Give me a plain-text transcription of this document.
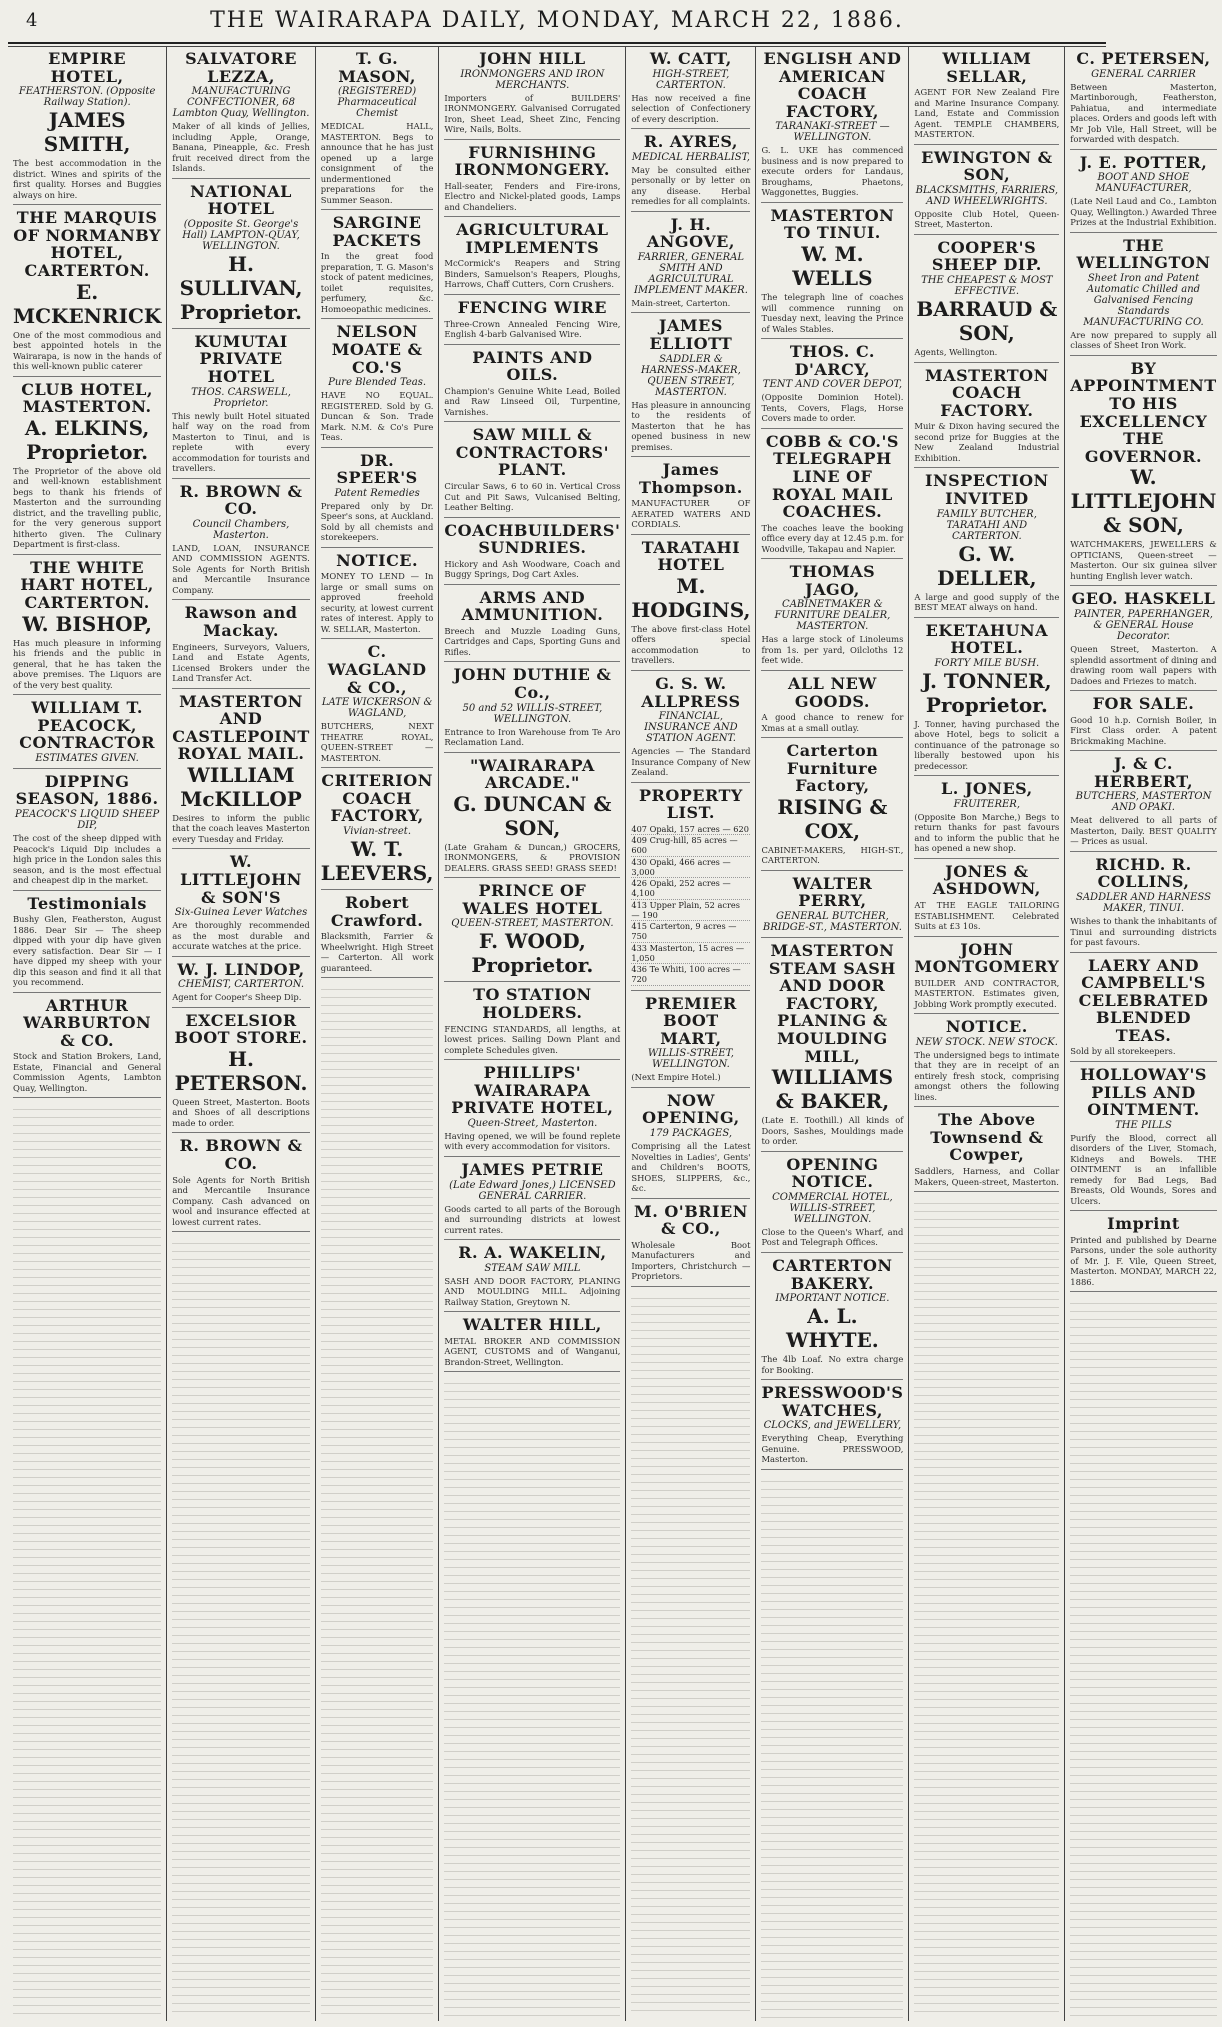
4	THE WAIRARAPA DAILY, MONDAY, MARCH 22, 1886.
EMPIRE HOTEL,
FEATHERSTON. (Opposite Railway Station).
JAMES SMITH,

The best accommodation in the district. Wines and spirits of the first quality. Horses and Buggies always on hire.

THE MARQUIS OF NORMANBY HOTEL, CARTERTON.
E. MCKENRICK

One of the most commodious and best appointed hotels in the Wairarapa, is now in the hands of this well-known public caterer

CLUB HOTEL, MASTERTON.
A. ELKINS, Proprietor.

The Proprietor of the above old and well-known establishment begs to thank his friends of Masterton and the surrounding district, and the travelling public, for the very generous support hitherto given. The Culinary Department is first-class.

THE WHITE HART HOTEL, CARTERTON.
W. BISHOP,

Has much pleasure in informing his friends and the public in general, that he has taken the above premises. The Liquors are of the very best quality.

WILLIAM T. PEACOCK, CONTRACTOR
ESTIMATES GIVEN.
DIPPING SEASON, 1886.
PEACOCK'S LIQUID SHEEP DIP,

The cost of the sheep dipped with Peacock's Liquid Dip includes a high price in the London sales this season, and is the most effectual and cheapest dip in the market.

Testimonials

Bushy Glen, Featherston, August 1886. Dear Sir — The sheep dipped with your dip have given every satisfaction. Dear Sir — I have dipped my sheep with your dip this season and find it all that you recommend.

ARTHUR WARBURTON & CO.

Stock and Station Brokers, Land, Estate, Financial and General Commission Agents, Lambton Quay, Wellington.

SALVATORE LEZZA,
MANUFACTURING CONFECTIONER, 68 Lambton Quay, Wellington.

Maker of all kinds of Jellies, including Apple, Orange, Banana, Pineapple, &c. Fresh fruit received direct from the Islands.

NATIONAL HOTEL
(Opposite St. George's Hall) LAMPTON-QUAY, WELLINGTON.
H. SULLIVAN, Proprietor.
KUMUTAI PRIVATE HOTEL
THOS. CARSWELL, Proprietor.

This newly built Hotel situated half way on the road from Masterton to Tinui, and is replete with every accommodation for tourists and travellers.

R. BROWN & CO.
Council Chambers, Masterton.

LAND, LOAN, INSURANCE AND COMMISSION AGENTS. Sole Agents for North British and Mercantile Insurance Company.

Rawson and Mackay.

Engineers, Surveyors, Valuers, Land and Estate Agents, Licensed Brokers under the Land Transfer Act.

MASTERTON AND CASTLEPOINT ROYAL MAIL.
WILLIAM McKILLOP

Desires to inform the public that the coach leaves Masterton every Tuesday and Friday.

W. LITTLEJOHN & SON'S
Six-Guinea Lever Watches

Are thoroughly recommended as the most durable and accurate watches at the price.

W. J. LINDOP,
CHEMIST, CARTERTON.

Agent for Cooper's Sheep Dip.

EXCELSIOR BOOT STORE.
H. PETERSON.

Queen Street, Masterton. Boots and Shoes of all descriptions made to order.

R. BROWN & CO.

Sole Agents for North British and Mercantile Insurance Company. Cash advanced on wool and insurance effected at lowest current rates.

T. G. MASON,
(REGISTERED) Pharmaceutical Chemist

MEDICAL HALL, MASTERTON. Begs to announce that he has just opened up a large consignment of the undermentioned preparations for the Summer Season.

SARGINE PACKETS

In the great food preparation, T. G. Mason's stock of patent medicines, toilet requisites, perfumery, &c. Homoeopathic medicines.

NELSON MOATE & CO.'S
Pure Blended Teas.

HAVE NO EQUAL. REGISTERED. Sold by G. Duncan & Son. Trade Mark. N.M. & Co's Pure Teas.

DR. SPEER'S
Patent Remedies

Prepared only by Dr. Speer's sons, at Auckland. Sold by all chemists and storekeepers.

NOTICE.

MONEY TO LEND — In large or small sums on approved freehold security, at lowest current rates of interest. Apply to W. SELLAR, Masterton.

C. WAGLAND & CO.,
LATE WICKERSON & WAGLAND,

BUTCHERS, NEXT THEATRE ROYAL, QUEEN-STREET — MASTERTON.

CRITERION COACH FACTORY,
Vivian-street.
W. T. LEEVERS,
Robert Crawford.

Blacksmith, Farrier & Wheelwright. High Street — Carterton. All work guaranteed.

JOHN HILL
IRONMONGERS AND IRON MERCHANTS.

Importers of BUILDERS' IRONMONGERY. Galvanised Corrugated Iron, Sheet Lead, Sheet Zinc, Fencing Wire, Nails, Bolts.

FURNISHING IRONMONGERY.

Hall-seater, Fenders and Fire-irons, Electro and Nickel-plated goods, Lamps and Chandeliers.

AGRICULTURAL IMPLEMENTS

McCormick's Reapers and String Binders, Samuelson's Reapers, Ploughs, Harrows, Chaff Cutters, Corn Crushers.

FENCING WIRE

Three-Crown Annealed Fencing Wire, English 4-barb Galvanised Wire.

PAINTS AND OILS.

Champion's Genuine White Lead, Boiled and Raw Linseed Oil, Turpentine, Varnishes.

SAW MILL & CONTRACTORS' PLANT.

Circular Saws, 6 to 60 in. Vertical Cross Cut and Pit Saws, Vulcanised Belting, Leather Belting.

COACHBUILDERS' SUNDRIES.

Hickory and Ash Woodware, Coach and Buggy Springs, Dog Cart Axles.

ARMS AND AMMUNITION.

Breech and Muzzle Loading Guns, Cartridges and Caps, Sporting Guns and Rifles.

JOHN DUTHIE & Co.,
50 and 52 WILLIS-STREET, WELLINGTON.

Entrance to Iron Warehouse from Te Aro Reclamation Land.

"WAIRARAPA ARCADE."
G. DUNCAN & SON,

(Late Graham & Duncan,) GROCERS, IRONMONGERS, & PROVISION DEALERS. GRASS SEED! GRASS SEED!

PRINCE OF WALES HOTEL
QUEEN-STREET, MASTERTON.
F. WOOD, Proprietor.
TO STATION HOLDERS.

FENCING STANDARDS, all lengths, at lowest prices. Sailing Down Plant and complete Schedules given.

PHILLIPS' WAIRARAPA PRIVATE HOTEL,
Queen-Street, Masterton.

Having opened, we will be found replete with every accommodation for visitors.

JAMES PETRIE
(Late Edward Jones,) LICENSED GENERAL CARRIER.

Goods carted to all parts of the Borough and surrounding districts at lowest current rates.

R. A. WAKELIN,
STEAM SAW MILL

SASH AND DOOR FACTORY, PLANING AND MOULDING MILL. Adjoining Railway Station, Greytown N.

WALTER HILL,

METAL BROKER AND COMMISSION AGENT, CUSTOMS and of Wanganui, Brandon-Street, Wellington.

W. CATT,
HIGH-STREET, CARTERTON.

Has now received a fine selection of Confectionery of every description.

R. AYRES,
MEDICAL HERBALIST,

May be consulted either personally or by letter on any disease. Herbal remedies for all complaints.

J. H. ANGOVE,
FARRIER, GENERAL SMITH AND AGRICULTURAL IMPLEMENT MAKER.

Main-street, Carterton.

JAMES ELLIOTT
SADDLER & HARNESS-MAKER, QUEEN STREET, MASTERTON.

Has pleasure in announcing to the residents of Masterton that he has opened business in new premises.

James Thompson.

MANUFACTURER OF AERATED WATERS AND CORDIALS.

TARATAHI HOTEL
M. HODGINS,

The above first-class Hotel offers special accommodation to travellers.

G. S. W. ALLPRESS
FINANCIAL, INSURANCE AND STATION AGENT.

Agencies — The Standard Insurance Company of New Zealand.

PROPERTY LIST.
407 Opaki, 157 acres — 620
409 Crug-hill, 85 acres — 600
430 Opaki, 466 acres — 3,000
426 Opaki, 252 acres — 4,100
413 Upper Plain, 52 acres — 190
415 Carterton, 9 acres — 750
433 Masterton, 15 acres — 1,050
436 Te Whiti, 100 acres — 720
PREMIER BOOT MART,
WILLIS-STREET, WELLINGTON.

(Next Empire Hotel.)

NOW OPENING,
179 PACKAGES,

Comprising all the Latest Novelties in Ladies', Gents' and Children's BOOTS, SHOES, SLIPPERS, &c., &c.

M. O'BRIEN & CO.,

Wholesale Boot Manufacturers and Importers, Christchurch — Proprietors.

ENGLISH AND AMERICAN COACH FACTORY,
TARANAKI-STREET — WELLINGTON.

G. L. UKE has commenced business and is now prepared to execute orders for Landaus, Broughams, Phaetons, Waggonettes, Buggies.

MASTERTON TO TINUI.
W. M. WELLS

The telegraph line of coaches will commence running on Tuesday next, leaving the Prince of Wales Stables.

THOS. C. D'ARCY,
TENT AND COVER DEPOT,

(Opposite Dominion Hotel). Tents, Covers, Flags, Horse Covers made to order.

COBB & CO.'S TELEGRAPH LINE OF ROYAL MAIL COACHES.

The coaches leave the booking office every day at 12.45 p.m. for Woodville, Takapau and Napier.

THOMAS JAGO,
CABINETMAKER & FURNITURE DEALER, MASTERTON.

Has a large stock of Linoleums from 1s. per yard, Oilcloths 12 feet wide.

ALL NEW GOODS.

A good chance to renew for Xmas at a small outlay.

Carterton Furniture Factory,
RISING & COX,

CABINET-MAKERS, HIGH-ST., CARTERTON.

WALTER PERRY,
GENERAL BUTCHER, BRIDGE-ST., MASTERTON.
MASTERTON STEAM SASH AND DOOR FACTORY, PLANING & MOULDING MILL,
WILLIAMS & BAKER,

(Late E. Toothill.) All kinds of Doors, Sashes, Mouldings made to order.

OPENING NOTICE.
COMMERCIAL HOTEL, WILLIS-STREET, WELLINGTON.

Close to the Queen's Wharf, and Post and Telegraph Offices.

CARTERTON BAKERY.
IMPORTANT NOTICE.
A. L. WHYTE.

The 4lb Loaf. No extra charge for Booking.

PRESSWOOD'S WATCHES,
CLOCKS, and JEWELLERY,

Everything Cheap, Everything Genuine. PRESSWOOD, Masterton.

WILLIAM SELLAR,

AGENT FOR New Zealand Fire and Marine Insurance Company. Land, Estate and Commission Agent. TEMPLE CHAMBERS, MASTERTON.

EWINGTON & SON,
BLACKSMITHS, FARRIERS, AND WHEELWRIGHTS.

Opposite Club Hotel, Queen-Street, Masterton.

COOPER'S SHEEP DIP.
THE CHEAPEST & MOST EFFECTIVE.
BARRAUD & SON,

Agents, Wellington.

MASTERTON COACH FACTORY.

Muir & Dixon having secured the second prize for Buggies at the New Zealand Industrial Exhibition.

INSPECTION INVITED
FAMILY BUTCHER, TARATAHI AND CARTERTON.
G. W. DELLER,

A large and good supply of the BEST MEAT always on hand.

EKETAHUNA HOTEL.
FORTY MILE BUSH.
J. TONNER, Proprietor.

J. Tonner, having purchased the above Hotel, begs to solicit a continuance of the patronage so liberally bestowed upon his predecessor.

L. JONES,
FRUITERER,

(Opposite Bon Marche,) Begs to return thanks for past favours and to inform the public that he has opened a new shop.

JONES & ASHDOWN,

AT THE EAGLE TAILORING ESTABLISHMENT. Celebrated Suits at £3 10s.

JOHN MONTGOMERY

BUILDER AND CONTRACTOR, MASTERTON. Estimates given, Jobbing Work promptly executed.

NOTICE.
NEW STOCK. NEW STOCK.

The undersigned begs to intimate that they are in receipt of an entirely fresh stock, comprising amongst others the following lines.

The Above Townsend & Cowper,

Saddlers, Harness, and Collar Makers, Queen-street, Masterton.

C. PETERSEN,
GENERAL CARRIER

Between Masterton, Martinborough, Featherston, Pahiatua, and intermediate places. Orders and goods left with Mr Job Vile, Hall Street, will be forwarded with despatch.

J. E. POTTER,
BOOT AND SHOE MANUFACTURER,

(Late Neil Laud and Co., Lambton Quay, Wellington.) Awarded Three Prizes at the Industrial Exhibition.

THE WELLINGTON
Sheet Iron and Patent Automatic Chilled and Galvanised Fencing Standards MANUFACTURING CO.

Are now prepared to supply all classes of Sheet Iron Work.

BY APPOINTMENT TO HIS EXCELLENCY THE GOVERNOR.
W. LITTLEJOHN & SON,

WATCHMAKERS, JEWELLERS & OPTICIANS, Queen-street — Masterton. Our six guinea silver hunting English lever watch.

GEO. HASKELL
PAINTER, PAPERHANGER, & GENERAL House Decorator.

Queen Street, Masterton. A splendid assortment of dining and drawing room wall papers with Dadoes and Friezes to match.

FOR SALE.

Good 10 h.p. Cornish Boiler, in First Class order. A patent Brickmaking Machine.

J. & C. HERBERT,
BUTCHERS, MASTERTON AND OPAKI.

Meat delivered to all parts of Masterton, Daily. BEST QUALITY — Prices as usual.

RICHD. R. COLLINS,
SADDLER AND HARNESS MAKER, TINUI.

Wishes to thank the inhabitants of Tinui and surrounding districts for past favours.

LAERY AND CAMPBELL'S CELEBRATED BLENDED TEAS.

Sold by all storekeepers.

HOLLOWAY'S PILLS AND OINTMENT.
THE PILLS

Purify the Blood, correct all disorders of the Liver, Stomach, Kidneys and Bowels. THE OINTMENT is an infallible remedy for Bad Legs, Bad Breasts, Old Wounds, Sores and Ulcers.

Imprint

Printed and published by Dearne Parsons, under the sole authority of Mr. J. F. Vile, Queen Street, Masterton. MONDAY, MARCH 22, 1886.
